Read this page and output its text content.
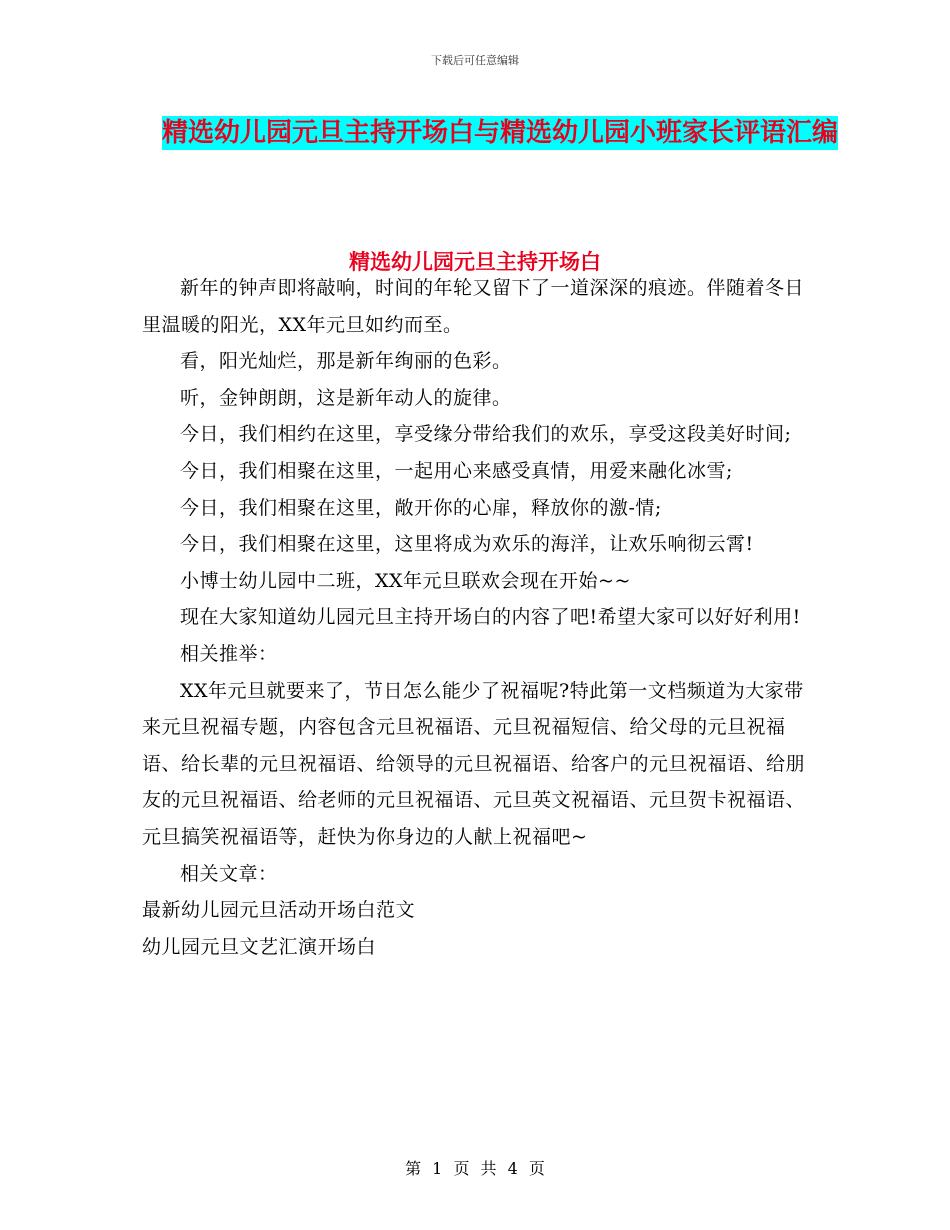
下载后可任意编辑
精选幼儿园元旦主持开场白与精选幼儿园小班家长评语汇编
精选幼儿园元旦主持开场白

新年的钟声即将敲响，时间的年轮又留下了一道深深的痕迹。伴随着冬日里温暖的阳光，XX年元旦如约而至。

看，阳光灿烂，那是新年绚丽的色彩。

听，金钟朗朗，这是新年动人的旋律。

今日，我们相约在这里，享受缘分带给我们的欢乐，享受这段美好时间;

今日，我们相聚在这里，一起用心来感受真情，用爱来融化冰雪;

今日，我们相聚在这里，敞开你的心扉，释放你的激-情;

今日，我们相聚在这里，这里将成为欢乐的海洋，让欢乐响彻云霄!

小博士幼儿园中二班，XX年元旦联欢会现在开始~~

现在大家知道幼儿园元旦主持开场白的内容了吧!希望大家可以好好利用!

相关推举：

XX年元旦就要来了，节日怎么能少了祝福呢?特此第一文档频道为大家带来元旦祝福专题，内容包含元旦祝福语、元旦祝福短信、给父母的元旦祝福语、给长辈的元旦祝福语、给领导的元旦祝福语、给客户的元旦祝福语、给朋友的元旦祝福语、给老师的元旦祝福语、元旦英文祝福语、元旦贺卡祝福语、元旦搞笑祝福语等，赶快为你身边的人献上祝福吧~

相关文章：

最新幼儿园元旦活动开场白范文

幼儿园元旦文艺汇演开场白

第 1 页 共 4 页
